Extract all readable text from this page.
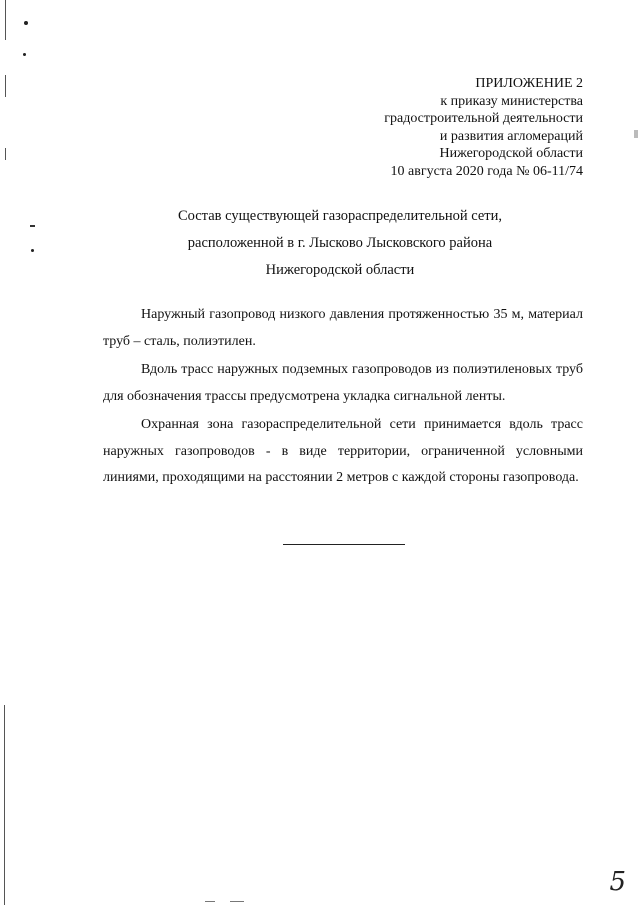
ПРИЛОЖЕНИЕ 2
к приказу министерства
градостроительной деятельности
и развития агломераций
Нижегородской области
10 августа 2020 года № 06-11/74
Состав существующей газораспределительной сети,
расположенной в г. Лысково Лысковского района
Нижегородской области

Наружный газопровод низкого давления протяженностью 35 м, материал труб – сталь, полиэтилен.

Вдоль трасс наружных подземных газопроводов из полиэтиленовых труб для обозначения трассы предусмотрена укладка сигнальной ленты.

Охранная зона газораспределительной сети принимается вдоль трасс наружных газопроводов - в виде территории, ограниченной условными линиями, проходящими на расстоянии 2 метров с каждой стороны газопровода.

5
